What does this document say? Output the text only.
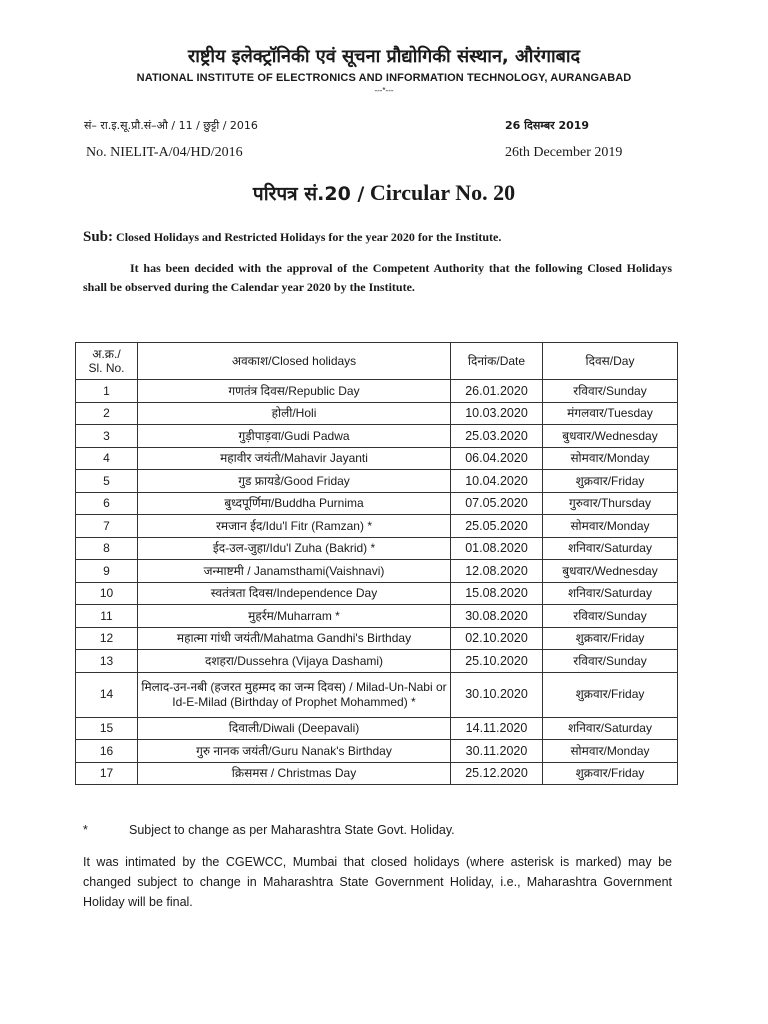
राष्ट्रीय इलेक्ट्रॉनिकी एवं सूचना प्रौद्योगिकी संस्थान, औरंगाबाद
NATIONAL INSTITUTE OF ELECTRONICS AND INFORMATION TECHNOLOGY, AURANGABAD
---*---
सं– रा.इ.सू.प्रौ.सं–औ / 11 / छुट्टी / 2016	26 दिसम्बर 2019
No. NIELIT-A/04/HD/2016	26th December 2019
परिपत्र सं.20 / Circular No. 20
Sub: Closed Holidays and Restricted Holidays for the year 2020 for the Institute.
It has been decided with the approval of the Competent Authority that the following Closed Holidays shall be observed during the Calendar year 2020 by the Institute.
अ.क्र./
Sl. No.	अवकाश/Closed holidays	दिनांक/Date	दिवस/Day
1	गणतंत्र दिवस/Republic Day	26.01.2020	रविवार/Sunday
2	होली/Holi	10.03.2020	मंगलवार/Tuesday
3	गुड़ीपाड़वा/Gudi Padwa	25.03.2020	बुधवार/Wednesday
4	महावीर जयंती/Mahavir Jayanti	06.04.2020	सोमवार/Monday
5	गुड फ्रायडे/Good Friday	10.04.2020	शुक्रवार/Friday
6	बुध्दपूर्णिमा/Buddha Purnima	07.05.2020	गुरुवार/Thursday
7	रमजान ईद/Idu'l Fitr (Ramzan) *	25.05.2020	सोमवार/Monday
8	ईद-उल-जुहा/Idu'l Zuha (Bakrid) *	01.08.2020	शनिवार/Saturday
9	जन्माष्टमी / Janamsthami(Vaishnavi)	12.08.2020	बुधवार/Wednesday
10	स्वतंत्रता दिवस/Independence Day	15.08.2020	शनिवार/Saturday
11	मुहर्रम/Muharram *	30.08.2020	रविवार/Sunday
12	महात्मा गांधी जयंती/Mahatma Gandhi's Birthday	02.10.2020	शुक्रवार/Friday
13	दशहरा/Dussehra (Vijaya Dashami)	25.10.2020	रविवार/Sunday
14	मिलाद-उन-नबी (हजरत मुहम्मद का जन्म दिवस) / Milad-Un-Nabi or Id-E-Milad (Birthday of Prophet Mohammed) *	30.10.2020	शुक्रवार/Friday
15	दिवाली/Diwali (Deepavali)	14.11.2020	शनिवार/Saturday
16	गुरु नानक जयंती/Guru Nanak's Birthday	30.11.2020	सोमवार/Monday
17	क्रिसमस / Christmas Day	25.12.2020	शुक्रवार/Friday
*	Subject to change as per Maharashtra State Govt. Holiday.
It was intimated by the CGEWCC, Mumbai that closed holidays (where asterisk is marked) may be changed subject to change in Maharashtra State Government Holiday, i.e., Maharashtra Government Holiday will be final.
